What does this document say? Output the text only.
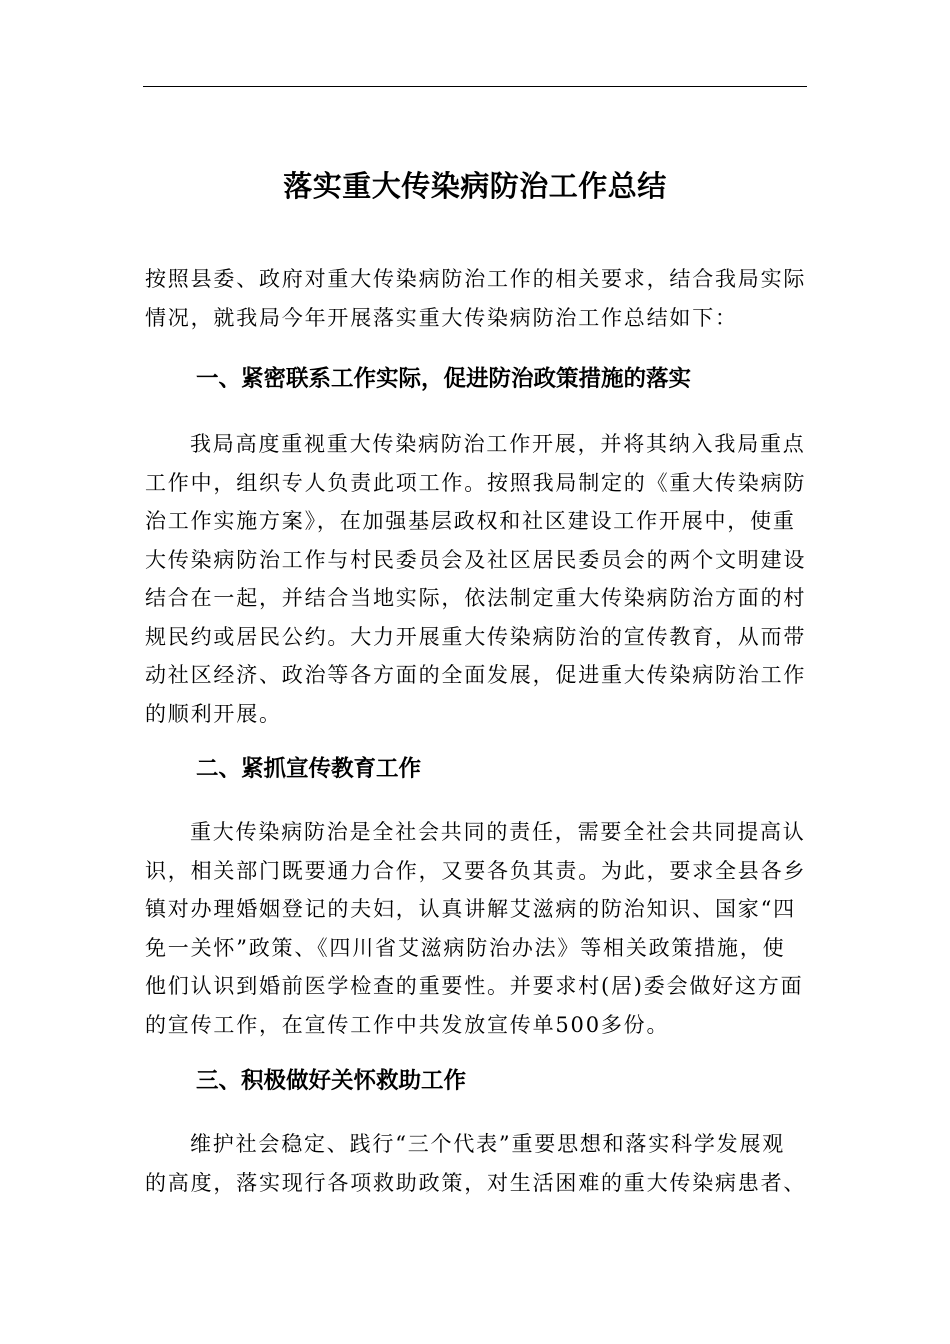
落实重大传染病防治工作总结
按照县委、政府对重大传染病防治工作的相关要求，结合我局实际
情况，就我局今年开展落实重大传染病防治工作总结如下：
一、紧密联系工作实际，促进防治政策措施的落实
我局高度重视重大传染病防治工作开展，并将其纳入我局重点
工作中，组织专人负责此项工作。按照我局制定的《重大传染病防
治工作实施方案》，在加强基层政权和社区建设工作开展中，使重
大传染病防治工作与村民委员会及社区居民委员会的两个文明建设
结合在一起，并结合当地实际，依法制定重大传染病防治方面的村
规民约或居民公约。大力开展重大传染病防治的宣传教育，从而带
动社区经济、政治等各方面的全面发展，促进重大传染病防治工作
的顺利开展。
二、紧抓宣传教育工作
重大传染病防治是全社会共同的责任，需要全社会共同提高认
识，相关部门既要通力合作，又要各负其责。为此，要求全县各乡
镇对办理婚姻登记的夫妇，认真讲解艾滋病的防治知识、国家“四
免一关怀”政策、《四川省艾滋病防治办法》等相关政策措施，使
他们认识到婚前医学检查的重要性。并要求村(居)委会做好这方面
的宣传工作，在宣传工作中共发放宣传单500多份。
三、积极做好关怀救助工作
维护社会稳定、践行“三个代表”重要思想和落实科学发展观
的高度，落实现行各项救助政策，对生活困难的重大传染病患者、
